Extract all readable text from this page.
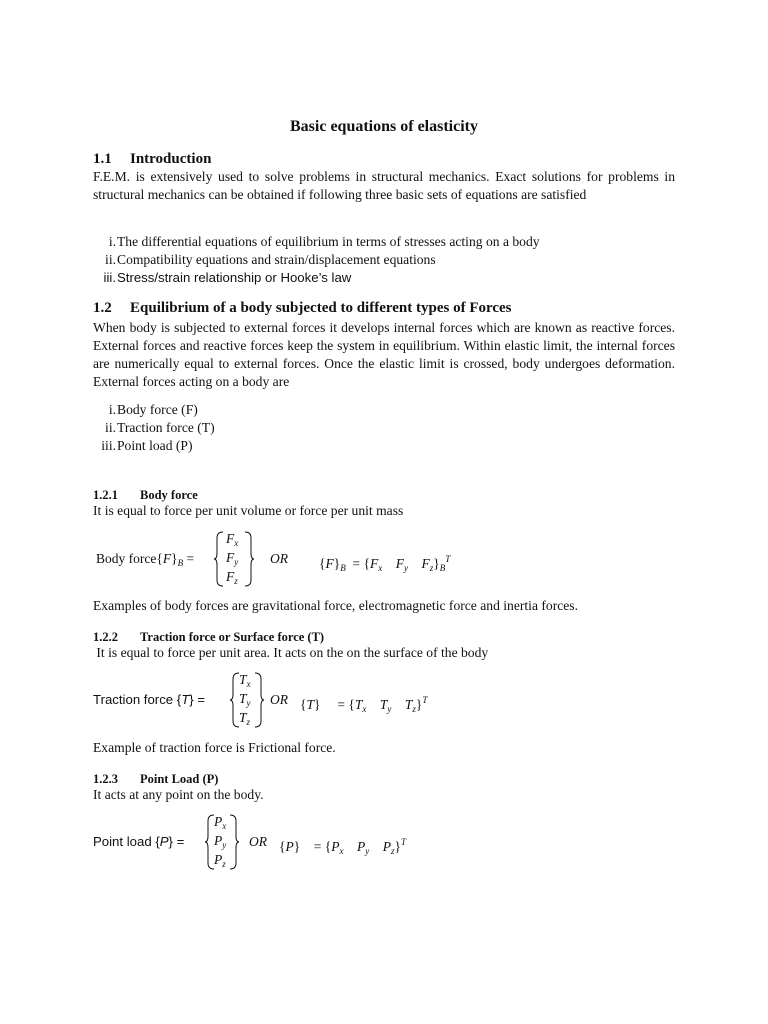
Basic equations of elasticity
1.1 Introduction
F.E.M. is extensively used to solve problems in structural mechanics. Exact solutions for problems in structural mechanics can be obtained if following three basic sets of equations are satisfied
i.The differential equations of equilibrium in terms of stresses acting on a body
ii.Compatibility equations and strain/displacement equations
iii.Stress/strain relationship or Hooke’s law
1.2 Equilibrium of a body subjected to different types of Forces
When body is subjected to external forces it develops internal forces which are known as reactive forces. External forces and reactive forces keep the system in equilibrium. Within elastic limit, the internal forces are numerically equal to external forces. Once the elastic limit is crossed, body undergoes deformation. External forces acting on a body are
i.Body force (F)
ii.Traction force (T)
iii.Point load (P)
1.2.1 Body force
It is equal to force per unit volume or force per unit mass
Body $force\{F\}_B$ =
$F_x$
$F_y$
$F_z$
OR $\{F\}_B = \{F_x$ $F_y$ $F_z\}_B^T$
Examples of body forces are gravitational force, electromagnetic force and inertia forces.
1.2.2 Traction force or Surface force (T)
It is equal to force per unit area. It acts on the on the surface of the body
Traction force {T} =
$T_x$
$T_y$
$T_z$
OR {T}     = {$T_x$ $T_y$ $T_z\}^T$
Example of traction force is Frictional force.
1.2.3 Point Load (P)
It acts at any point on the body.
Point load {P} =
$P_x$
$P_y$
$P_z$
OR {P}    = {$P_x$ $P_y$ $P_z\}^T$
